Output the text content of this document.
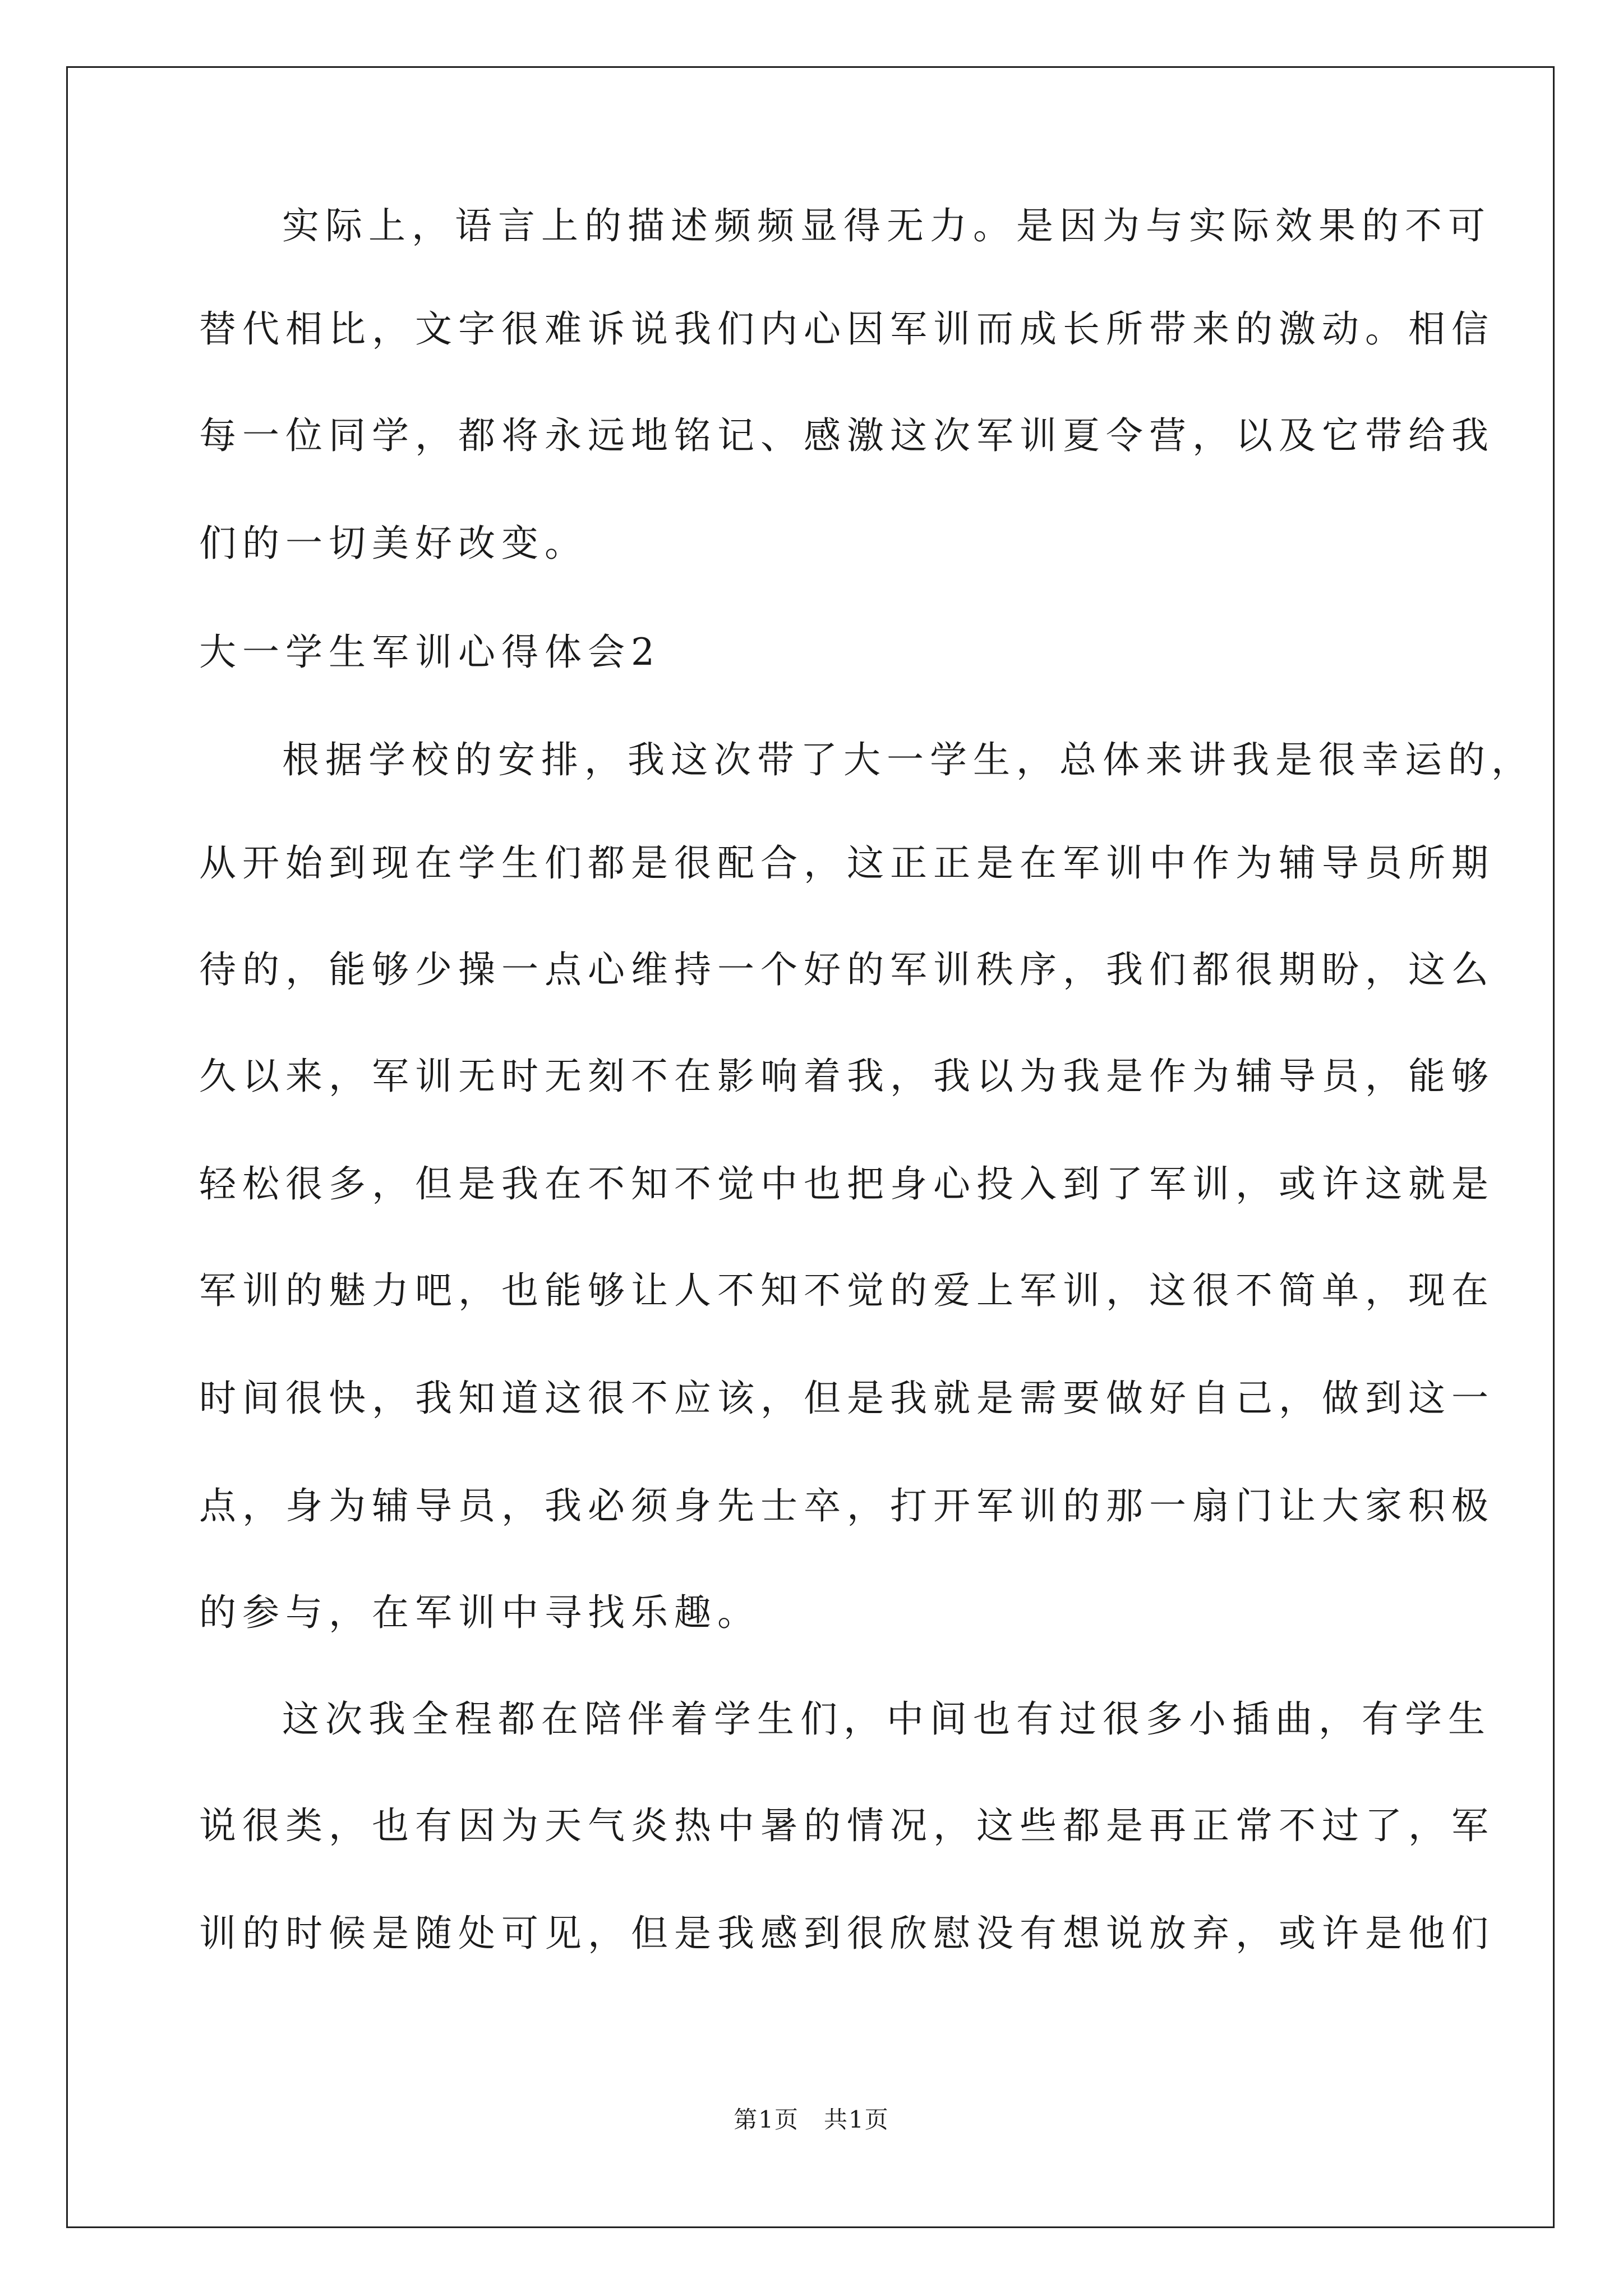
实际上，语言上的描述频频显得无力。是因为与实际效果的不可

替代相比，文字很难诉说我们内心因军训而成长所带来的激动。相信

每一位同学，都将永远地铭记、感激这次军训夏令营，以及它带给我

们的一切美好改变。

大一学生军训心得体会2

根据学校的安排，我这次带了大一学生，总体来讲我是很幸运的，

从开始到现在学生们都是很配合，这正正是在军训中作为辅导员所期

待的，能够少操一点心维持一个好的军训秩序，我们都很期盼，这么

久以来，军训无时无刻不在影响着我，我以为我是作为辅导员，能够

轻松很多，但是我在不知不觉中也把身心投入到了军训，或许这就是

军训的魅力吧，也能够让人不知不觉的爱上军训，这很不简单，现在

时间很快，我知道这很不应该，但是我就是需要做好自己，做到这一

点，身为辅导员，我必须身先士卒，打开军训的那一扇门让大家积极

的参与，在军训中寻找乐趣。

这次我全程都在陪伴着学生们，中间也有过很多小插曲，有学生

说很类，也有因为天气炎热中暑的情况，这些都是再正常不过了，军

训的时候是随处可见，但是我感到很欣慰没有想说放弃，或许是他们

第1页　共1页
